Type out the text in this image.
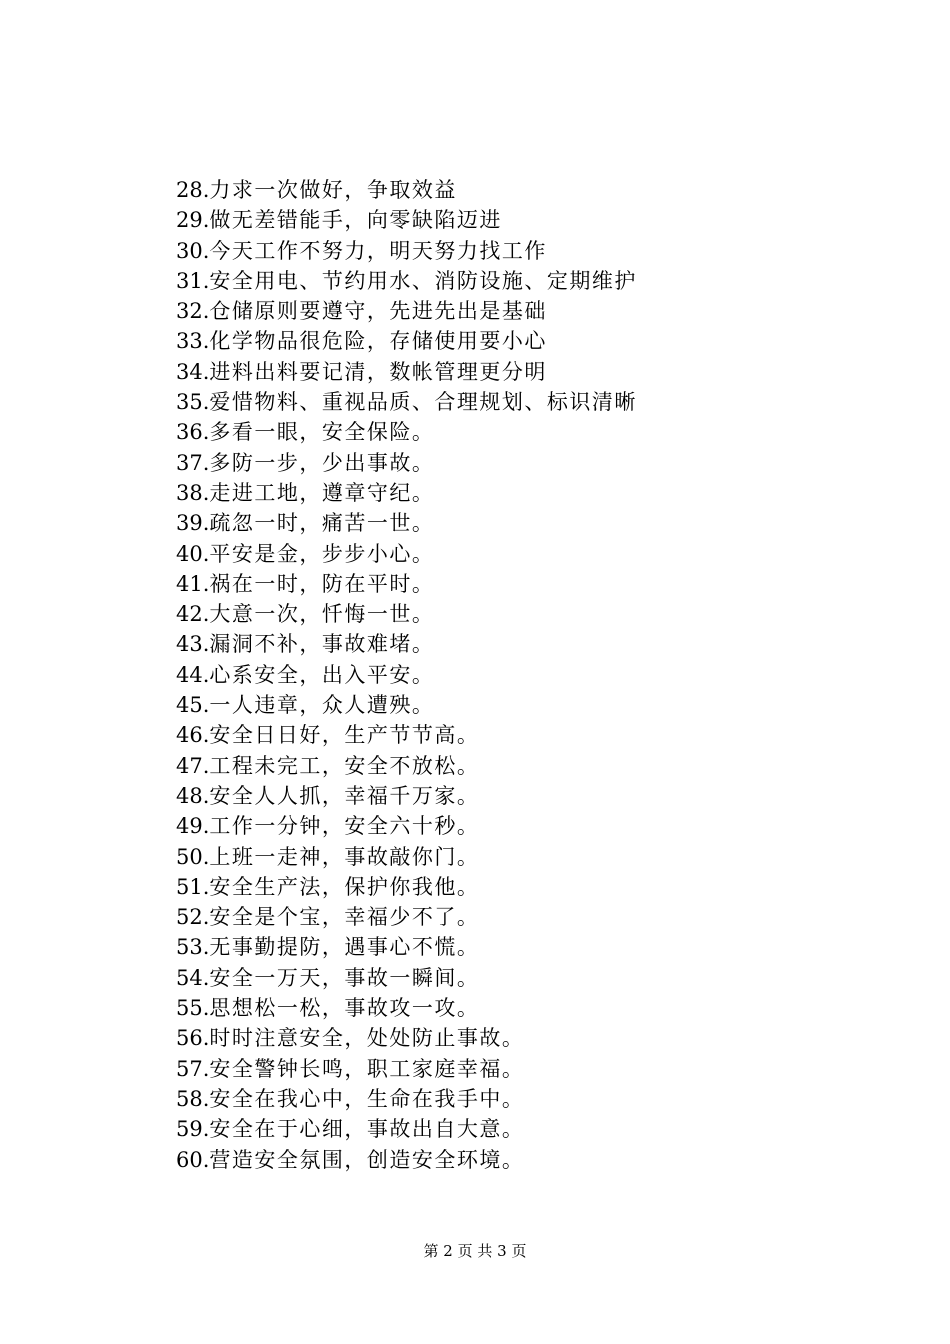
28.力求一次做好，争取效益
29.做无差错能手，向零缺陷迈进
30.今天工作不努力，明天努力找工作
31.安全用电、节约用水、消防设施、定期维护
32.仓储原则要遵守，先进先出是基础
33.化学物品很危险，存储使用要小心
34.进料出料要记清，数帐管理更分明
35.爱惜物料、重视品质、合理规划、标识清晰
36.多看一眼，安全保险。
37.多防一步，少出事故。
38.走进工地，遵章守纪。
39.疏忽一时，痛苦一世。
40.平安是金，步步小心。
41.祸在一时，防在平时。
42.大意一次，忏悔一世。
43.漏洞不补，事故难堵。
44.心系安全，出入平安。
45.一人违章，众人遭殃。
46.安全日日好，生产节节高。
47.工程未完工，安全不放松。
48.安全人人抓，幸福千万家。
49.工作一分钟，安全六十秒。
50.上班一走神，事故敲你门。
51.安全生产法，保护你我他。
52.安全是个宝，幸福少不了。
53.无事勤提防，遇事心不慌。
54.安全一万天，事故一瞬间。
55.思想松一松，事故攻一攻。
56.时时注意安全，处处防止事故。
57.安全警钟长鸣，职工家庭幸福。
58.安全在我心中，生命在我手中。
59.安全在于心细，事故出自大意。
60.营造安全氛围，创造安全环境。
第 2 页 共 3 页
